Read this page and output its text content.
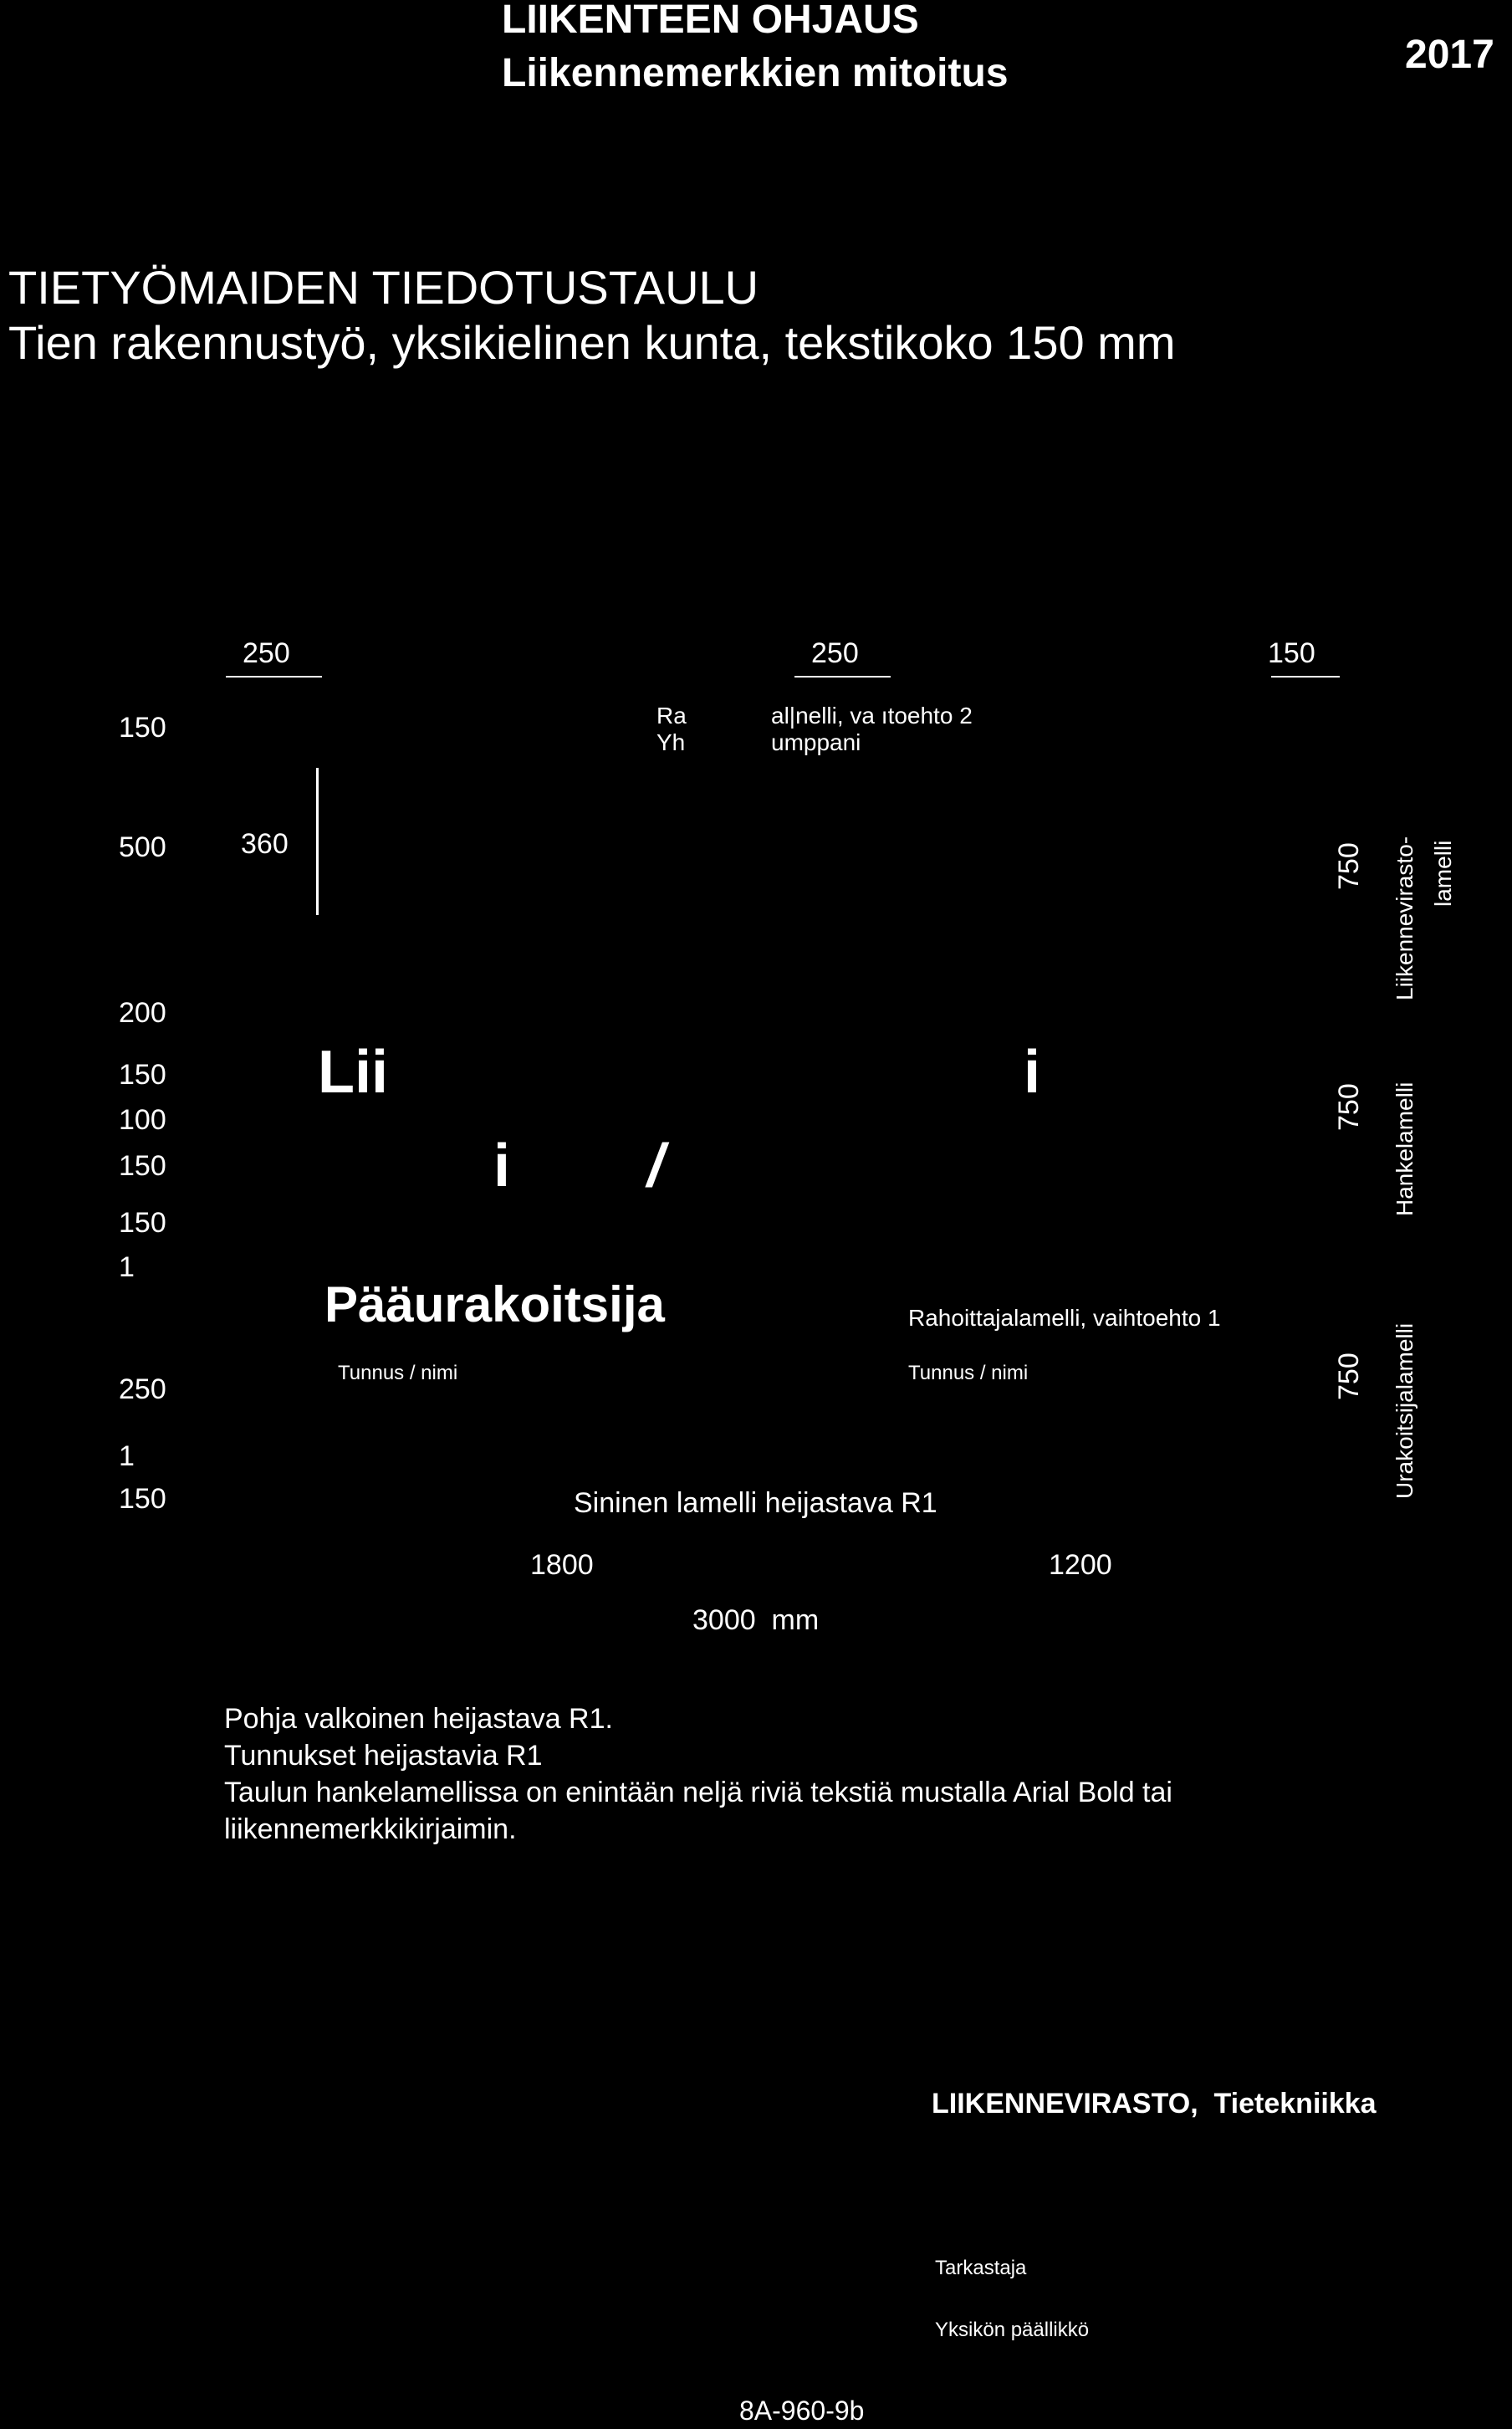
LIIKENTEEN OHJAUS
Liikennemerkkien mitoitus	2017
TIETYÖMAIDEN TIEDOTUSTAULU
Tien rakennustyö, yksikielinen kunta, tekstikoko 150 mm
250	250	150
150
500
200
150
100
150
150
1
250
1
150
360
Ra
Yh
al|nelli, va ıtoehto 2
umppani
Lii	i
i /
Pääurakoitsija	Rahoittajalamelli, vaihtoehto 1
Tunnus / nimi	Tunnus / nimi
Sininen lamelli heijastava R1
1800	1200
3000  mm
750
750
750
Liikennevirasto- lamelli
Hankelamelli
Urakoitsijalamelli
Pohja valkoinen heijastava R1.
Tunnukset heijastavia R1
Taulun hankelamellissa on enintään neljä riviä tekstiä mustalla Arial Bold tai
liikennemerkkikirjaimin.
LIIKENNEVIRASTO,  Tietekniikka
Tarkastaja
Yksikön päällikkö
8A-960-9b
